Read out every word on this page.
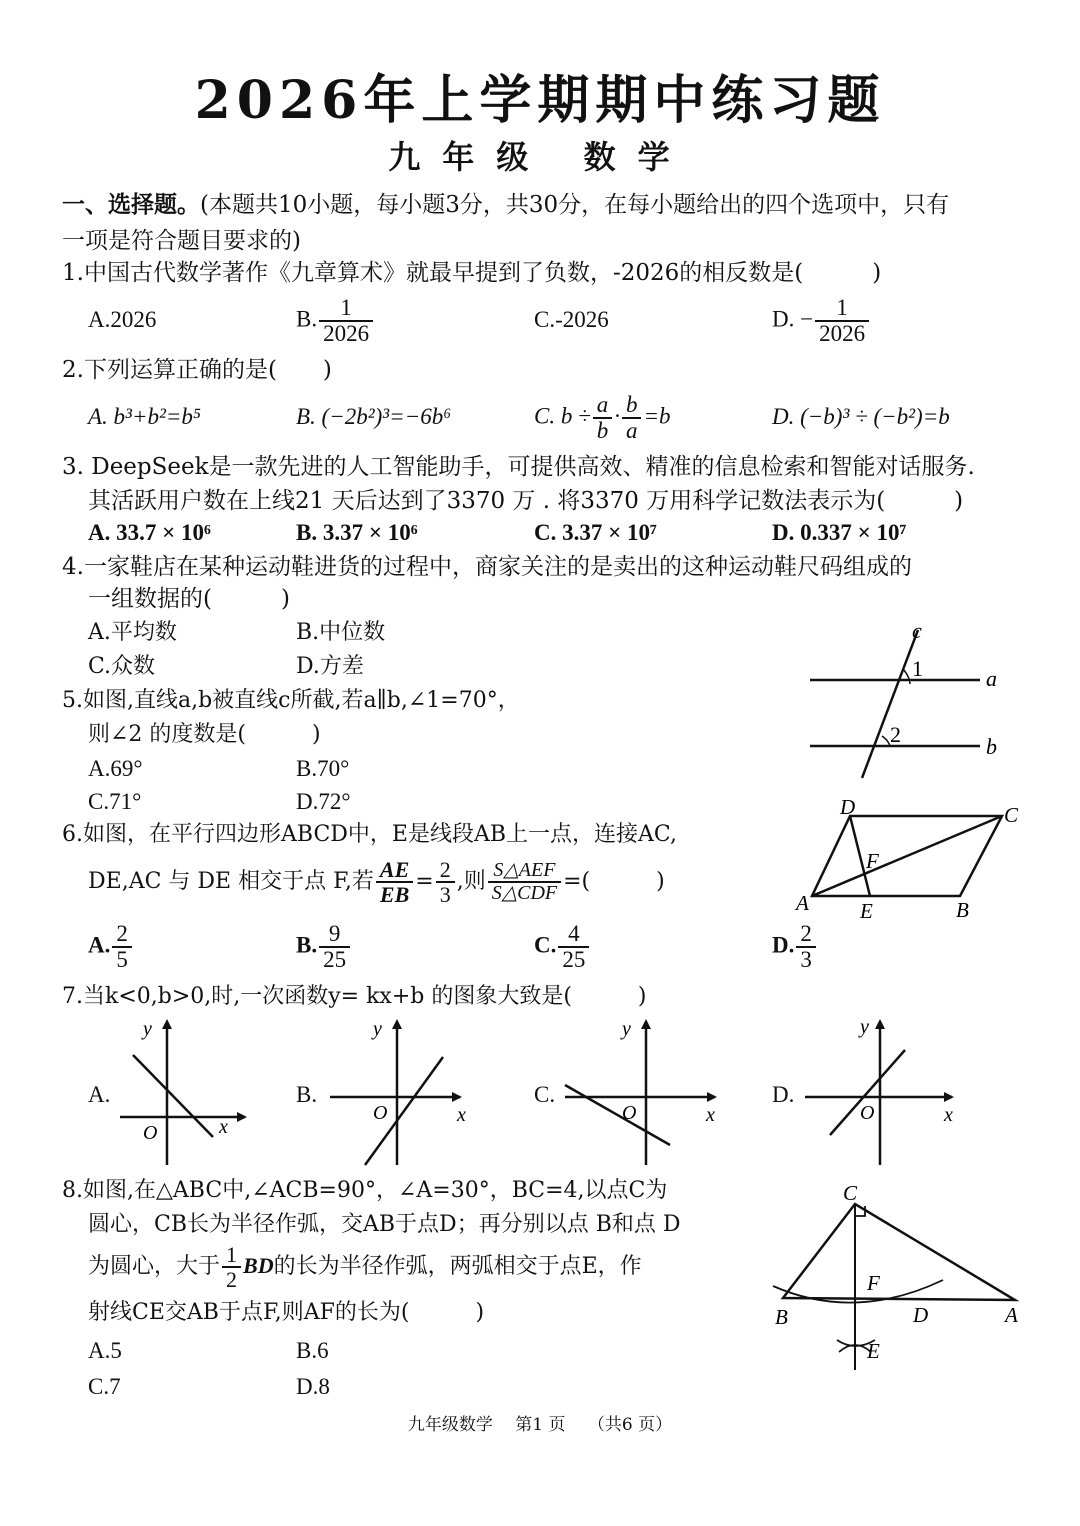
2026年上学期期中练习题
九年级 数学
一、选择题。(本题共10小题，每小题3分，共30分，在每小题给出的四个选项中，只有
一项是符合题目要求的)
1.中国古代数学著作《九章算术》就最早提到了负数，-2026的相反数是(　　　)
A.2026	B. $\frac{1}{2026}$	C.-2026	D. − $\frac{1}{2026}$
2.下列运算正确的是(　　)
A. b³+b²=b⁵	B. (−2b²)³=−6b⁶	C. $b \div \frac{a}{b} \cdot \frac{b}{a} =b$	D. (−b)³ ÷ (−b²)=b
3. DeepSeek是一款先进的人工智能助手，可提供高效、精准的信息检索和智能对话服务.
其活跃用户数在上线21 天后达到了3370 万 . 将3370 万用科学记数法表示为(　　　)
A. 33.7 × 10⁶	B. 3.37 × 10⁶	C. 3.37 × 10⁷	D. 0.337 × 10⁷
4.一家鞋店在某种运动鞋进货的过程中，商家关注的是卖出的这种运动鞋尺码组成的
一组数据的(　　　)
A.平均数	B.中位数
C.众数	D.方差
5.如图,直线a,b被直线c所截,若a∥b,∠1=70°，
则∠2 的度数是(　　　)
A.69°	B.70°
C.71°	D.72°
c
a
b
1
2
6.如图，在平行四边形ABCD中，E是线段AB上一点，连接AC,
DE,AC 与 DE 相交于点 F,若 $\frac{AE}{EB} = \frac{2}{3}$ ,则 $\frac{\text{S△AEF}}{\text{S△CDF}}$ =(　　　)
A. $\frac{2}{5}$	B. $\frac{9}{25}$	C. $\frac{4}{25}$	D. $\frac{2}{3}$
A	B
C
D
E
F
7.当k<0,b>0,时,一次函数y= kx+b 的图象大致是(　　　)
A.
y
x
O
B.
y
x
O
C.
y
x
O
D.
y
x
O
8.如图,在△ABC中,∠ACB=90°，∠A=30°，BC=4,以点C为
圆心，CB长为半径作弧，交AB于点D；再分别以点 B和点 D
为圆心，大于 $\frac{1}{2}$ BD的长为半径作弧，两弧相交于点E，作
射线CE交AB于点F,则AF的长为(　　　)
A.5	B.6
C.7	D.8
C
B	D	A
E
F
九年级数学　 第1 页　 （共6 页）
